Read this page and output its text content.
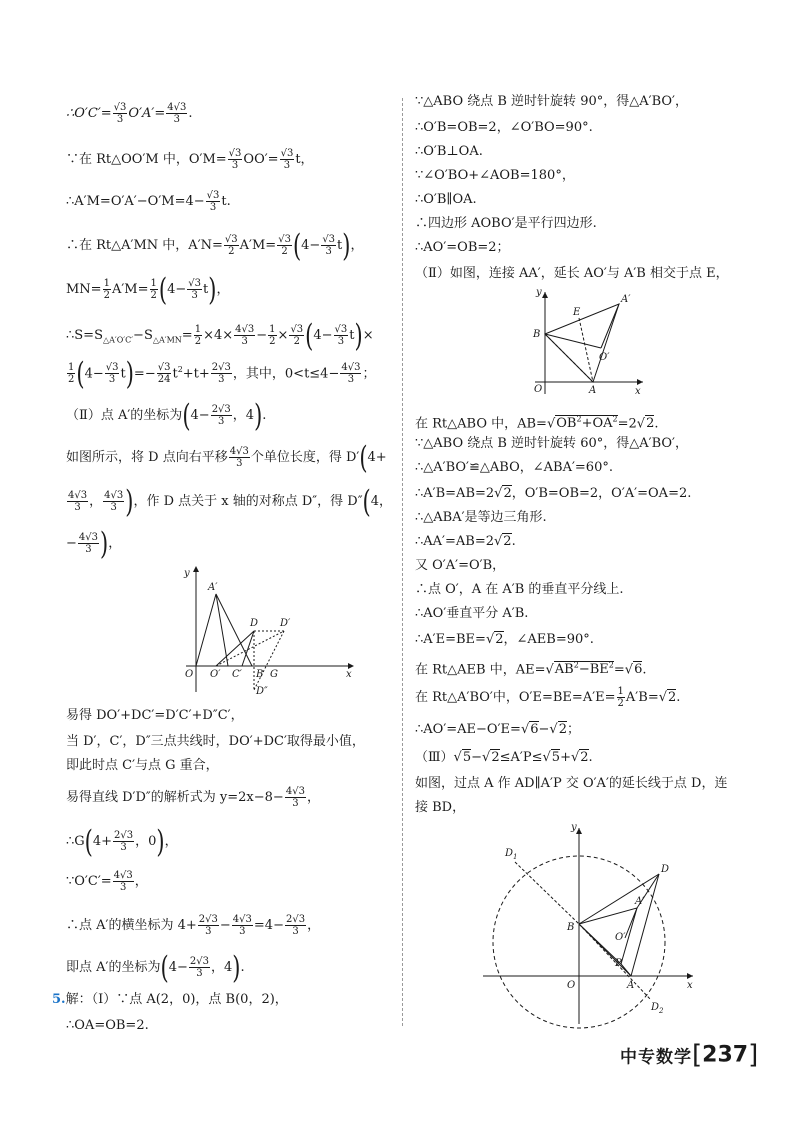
∴O′C′= $\frac{√3}{3} O'A'= \frac{4√3}{3}$ .
∵在 Rt△OO′M 中，$O'M= \frac{√3}{3} OO'= \frac{√3}{3}$ t，
∴A′M=O′A′−O′M=4− $\frac{√3}{3} t$.
∴在 Rt△A′MN 中，$A'N= \frac{√3}{2} A'M= \frac{√3}{2} (4- \frac{√3}{3} t)$，
$MN= \frac{1}{2} A'M= \frac{1}{2} (4- \frac{√3}{3} t)$，
$\therefore S=S_{\triangle A'O'C'}-S_{\triangle A'MN}= \frac{1}{2} \times 4\times \frac{4√3}{3} - \frac{1}{2} \times \frac{√3}{2} (4- \frac{√3}{3} t)\times$
$\frac{1}{2} (4- \frac{√3}{3} t)=- \frac{√3}{24} t^2+t+ \frac{2√3}{3}$ ，其中，$0<t\le 4- \frac{4√3}{3}$ ；
（Ⅱ）点 A′的坐标为($4- \frac{2√3}{3}$ ，4).
如图所示，将 D 点向右平移 $\frac{4√3}{3}$ 个单位长度，得 D′(4+
$\frac{4√3}{3}$ ， $\frac{4√3}{3}$ )，作 D 点关于 x 轴的对称点 D″，得 D″(4，
− $\frac{4√3}{3}$ )，
O O′ C′ B G	x
y
A′
D D′
D″
易得 DO′+DC′=D′C′+D″C′，
当 D′，C′，D″三点共线时，DO′+DC′取得最小值，
即此时点 C′与点 G 重合，
易得直线 D′D″的解析式为 $y=2x-8- \frac{4√3}{3}$ ，
∴G(4+ $\frac{2√3}{3}$ ，0)，
∵O′C′= $\frac{4√3}{3}$ ，
∴点 A′的横坐标为 $4+ \frac{2√3}{3} - \frac{4√3}{3} =4- \frac{2√3}{3}$ ，
即点 A′的坐标为($4- \frac{2√3}{3}$ ，4).
5.解：（Ⅰ）∵点 A(2，0)，点 B(0，2)，
∴OA=OB=2.
∵△ABO 绕点 B 逆时针旋转 90°，得△A′BO′，
∴O′B=OB=2，∠O′BO=90°.
∴O′B⊥OA.
∵∠O′BO+∠AOB=180°，
∴O′B∥OA.
∴四边形 AOBO′是平行四边形.
∴AO′=OB=2；
（Ⅱ）如图，连接 AA′，延长 AO′与 A′B 相交于点 E，
y
B
E
A′
O′
O	A	x
在 Rt△ABO 中，$AB=√OB^2+OA^2=2√2$.
∵△ABO 绕点 B 逆时针旋转 60°，得△A′BO′，
∴△A′BO′≌△ABO，∠ABA′=60°.
∴A′B=AB=2√2，O′B=OB=2，O′A′=OA=2.
∴△ABA′是等边三角形.
∴AA′=AB=2√2.
又 O′A′=O′B，
∴点 O′，A 在 A′B 的垂直平分线上.
∴AO′垂直平分 A′B.
∴A′E=BE=√2，∠AEB=90°.
在 Rt△AEB 中，$AE=√AB^2-BE^2=√6$.
在 Rt△A′BO′中，$O'E=BE=A'E= \frac{1}{2} A'B=√2$.
∴AO′=AE−O′E=√6−√2；
（Ⅲ）√5−√2≤A′P≤√5+√2.
如图，过点 A 作 AD∥A′P 交 O′A′的延长线于点 D，连
接 BD，
y
$D_1$
D
A′
B
O′
P
O	A	x
$D_2$
中专数学[237]
